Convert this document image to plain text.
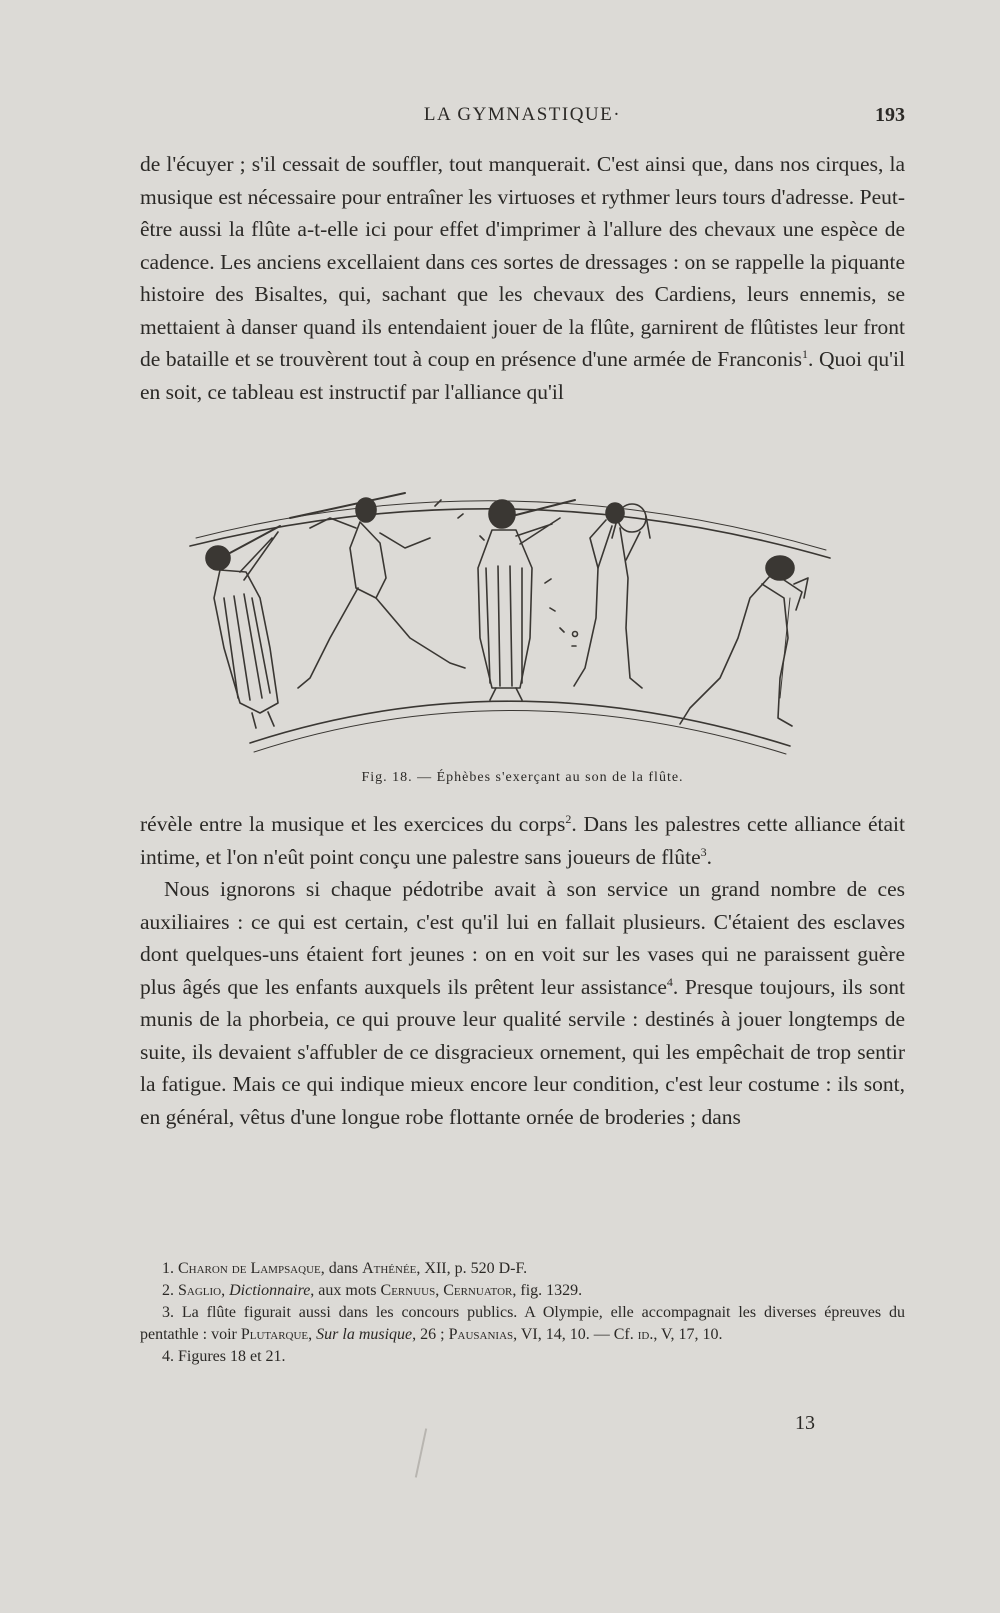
LA GYMNASTIQUE·	193

de l'écuyer ; s'il cessait de souffler, tout manquerait. C'est ainsi que, dans nos cirques, la musique est nécessaire pour entraîner les virtuoses et rythmer leurs tours d'adresse. Peut-être aussi la flûte a-t-elle ici pour effet d'imprimer à l'allure des chevaux une espèce de cadence. Les anciens excellaient dans ces sortes de dressages : on se rappelle la piquante histoire des Bisaltes, qui, sachant que les chevaux des Cardiens, leurs ennemis, se mettaient à danser quand ils entendaient jouer de la flûte, garnirent de flûtistes leur front de bataille et se trouvèrent tout à coup en présence d'une armée de Franconis$^1$. Quoi qu'il en soit, ce tableau est instructif par l'alliance qu'il

Fig. 18. — Éphèbes s'exerçant au son de la flûte.

révèle entre la musique et les exercices du corps$^2$. Dans les palestres cette alliance était intime, et l'on n'eût point conçu une palestre sans joueurs de flûte$^3$.

Nous ignorons si chaque pédotribe avait à son service un grand nombre de ces auxiliaires : ce qui est certain, c'est qu'il lui en fallait plusieurs. C'étaient des esclaves dont quelques-uns étaient fort jeunes : on en voit sur les vases qui ne paraissent guère plus âgés que les enfants auxquels ils prêtent leur assistance$^4$. Presque toujours, ils sont munis de la phorbeia, ce qui prouve leur qualité servile : destinés à jouer longtemps de suite, ils devaient s'affubler de ce disgracieux ornement, qui les empêchait de trop sentir la fatigue. Mais ce qui indique mieux encore leur condition, c'est leur costume : ils sont, en général, vêtus d'une longue robe flottante ornée de broderies ; dans

1. Charon de Lampsaque, dans Athénée, XII, p. 520 D-F.

2. Saglio, Dictionnaire, aux mots Cernuus, Cernuator, fig. 1329.

3. La flûte figurait aussi dans les concours publics. A Olympie, elle accompagnait les diverses épreuves du pentathle : voir Plutarque, Sur la musique, 26 ; Pausanias, VI, 14, 10. — Cf. id., V, 17, 10.

4. Figures 18 et 21.

13
